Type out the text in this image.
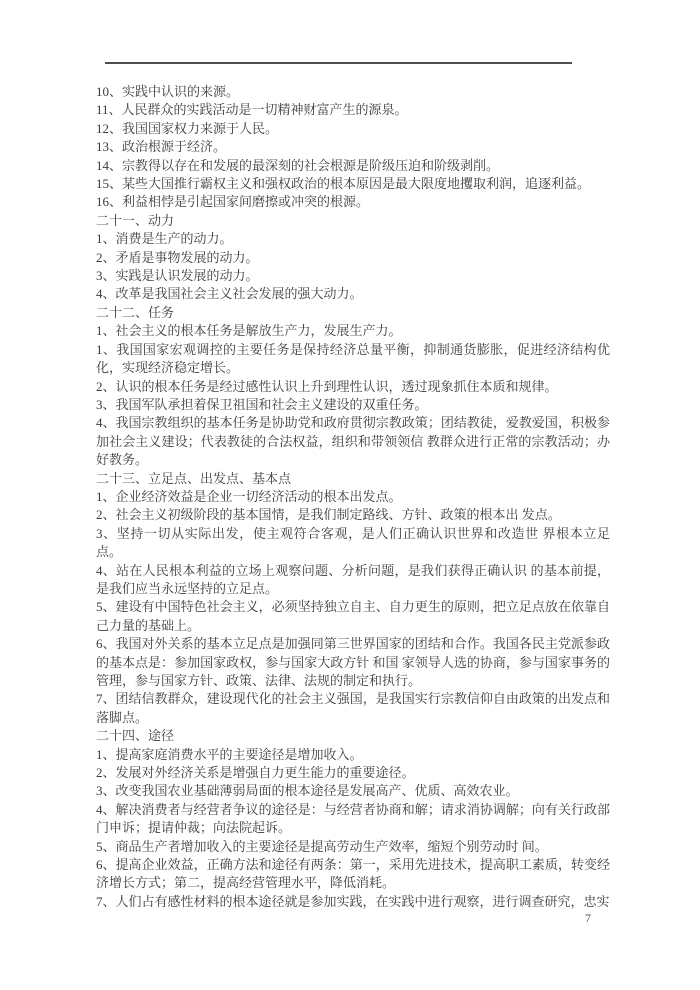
10、实践中认识的来源。

11、人民群众的实践活动是一切精神财富产生的源泉。

12、我国国家权力来源于人民。

13、政治根源于经济。

14、宗教得以存在和发展的最深刻的社会根源是阶级压迫和阶级剥削。

15、某些大国推行霸权主义和强权政治的根本原因是最大限度地攫取利润，追逐利益。

16、利益相悖是引起国家间磨擦或冲突的根源。

二十一、动力

1、消费是生产的动力。

2、矛盾是事物发展的动力。

3、实践是认识发展的动力。

4、改革是我国社会主义社会发展的强大动力。

二十二、任务

1、社会主义的根本任务是解放生产力，发展生产力。

1、我国国家宏观调控的主要任务是保持经济总量平衡，抑制通货膨胀，促进经济结构优化，实现经济稳定增长。

2、认识的根本任务是经过感性认识上升到理性认识，透过现象抓住本质和规律。

3、我国军队承担着保卫祖国和社会主义建设的双重任务。

4、我国宗教组织的基本任务是协助党和政府贯彻宗教政策；团结教徒，爱教爱国，积极参加社会主义建设；代表教徒的合法权益，组织和带领领信 教群众进行正常的宗教活动；办好教务。

二十三、立足点、出发点、基本点

1、企业经济效益是企业一切经济活动的根本出发点。

2、社会主义初级阶段的基本国情，是我们制定路线、方针、政策的根本出 发点。

3、坚持一切从实际出发，使主观符合客观，是人们正确认识世界和改造世 界根本立足点。

4、站在人民根本利益的立场上观察问题、分析问题，是我们获得正确认识 的基本前提，是我们应当永远坚持的立足点。

5、建设有中国特色社会主义，必须坚持独立自主、自力更生的原则，把立足点放在依靠自己力量的基础上。

6、我国对外关系的基本立足点是加强同第三世界国家的团结和合作。我国各民主党派参政的基本点是：参加国家政权，参与国家大政方针 和国 家领导人选的协商，参与国家事务的管理，参与国家方针、政策、法律、法规的制定和执行。

7、团结信教群众，建设现代化的社会主义强国，是我国实行宗教信仰自由政策的出发点和落脚点。

二十四、途径

1、提高家庭消费水平的主要途径是增加收入。

2、发展对外经济关系是增强自力更生能力的重要途径。

3、改变我国农业基础薄弱局面的根本途径是发展高产、优质、高效农业。

4、解决消费者与经营者争议的途径是：与经营者协商和解；请求消协调解；向有关行政部门申诉；提请仲裁；向法院起诉。

5、商品生产者增加收入的主要途径是提高劳动生产效率，缩短个别劳动时 间。

6、提高企业效益，正确方法和途径有两条：第一，采用先进技术，提高职工素质，转变经济增长方式；第二，提高经营管理水平，降低消耗。

7、人们占有感性材料的根本途径就是参加实践，在实践中进行观察，进行调查研究，忠实

7
